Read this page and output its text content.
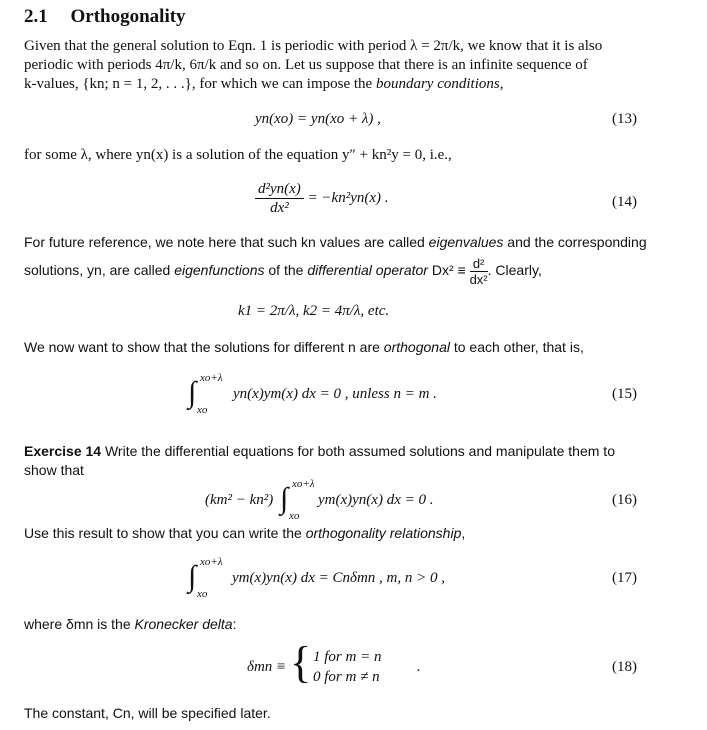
2.1 Orthogonality
Given that the general solution to Eqn. 1 is periodic with period λ = 2π/k, we know that it is also
periodic with periods 4π/k, 6π/k and so on. Let us suppose that there is an infinite sequence of
k-values, {kn; n = 1, 2, . . .}, for which we can impose the boundary conditions,
yn(xo) = yn(xo + λ) ,	(13)
for some λ, where yn(x) is a solution of the equation y″ + kn²y = 0, i.e.,
$\frac{\text{d²yn(x)}}{\text{dx²}} = -kn^2yn(x)$ .	(14)
For future reference, we note here that such kn values are called eigenvalues and the corresponding
solutions, yn, are called eigenfunctions of the differential operator $Dx^2 \equiv \frac{\text{d²}}{\text{dx²}}$ . Clearly,
k1 = 2π/λ, k2 = 4π/λ, etc.
We now want to show that the solutions for different n are orthogonal to each other, that is,
xo+λ
∫
xo
yn(x)ym(x) dx = 0 , unless n = m .	(15)
Exercise 14 Write the differential equations for both assumed solutions and manipulate them to
show that
(km² − kn²)
xo+λ
∫
xo
ym(x)yn(x) dx = 0 .	(16)
Use this result to show that you can write the orthogonality relationship,
xo+λ
∫
xo
ym(x)yn(x) dx = Cnδmn , m, n > 0 ,	(17)
where δmn is the Kronecker delta:
δmn ≡ { 1 for m = n
0 for m ≠ n
.	(18)
The constant, Cn, will be specified later.
